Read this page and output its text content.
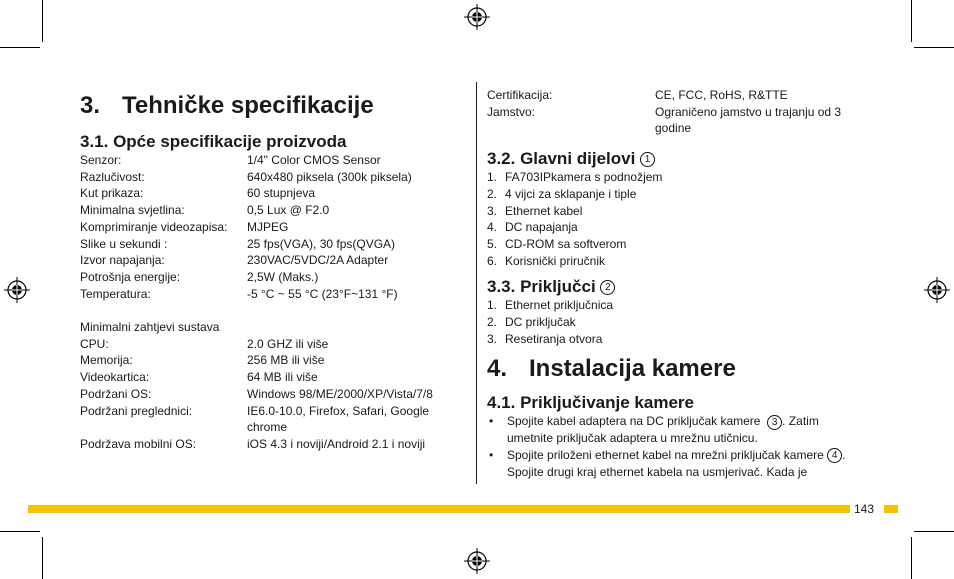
3. Tehničke specifikacije
3.1. Opće specifikacije proizvoda
Senzor:	1/4" Color CMOS Sensor
Razlučivost:	640x480 piksela (300k piksela)
Kut prikaza:	60 stupnjeva
Minimalna svjetlina:	0,5 Lux @ F2.0
Komprimiranje videozapisa:	MJPEG
Slike u sekundi :	25 fps(VGA), 30 fps(QVGA)
Izvor napajanja:	230VAC/5VDC/2A Adapter
Potrošnja energije:	2,5W (Maks.)
Temperatura:	-5 °C ~ 55 °C (23°F~131 °F)
Minimalni zahtjevi sustava
CPU:	2.0 GHZ ili više
Memorija:	256 MB ili više
Videokartica:	64 MB ili više
Podržani OS:	Windows 98/ME/2000/XP/Vista/7/8
Podržani preglednici:	IE6.0-10.0, Firefox, Safari, Google chrome
Podržava mobilni OS:	iOS 4.3 i noviji/Android 2.1 i noviji
Certifikacija:	CE, FCC, RoHS, R&TTE
Jamstvo:	Ograničeno jamstvo u trajanju od 3 godine
3.2. Glavni dijelovi 1
1. FA703IPkamera s podnožjem
2. 4 vijci za sklapanje i tiple
3. Ethernet kabel
4. DC napajanja
5. CD-ROM sa softverom
6. Korisnički priručnik
3.3. Priključci 2
1. Ethernet priključnica
2. DC priključak
3. Resetiranja otvora
4. Instalacija kamere
4.1. Priključivanje kamere
• Spojite kabel adaptera na DC priključak kamere 3 . Zatim umetnite priključak adaptera u mrežnu utičnicu.
• Spojite priloženi ethernet kabel na mrežni priključak kamere 4 . Spojite drugi kraj ethernet kabela na usmjerivač. Kada je
143
